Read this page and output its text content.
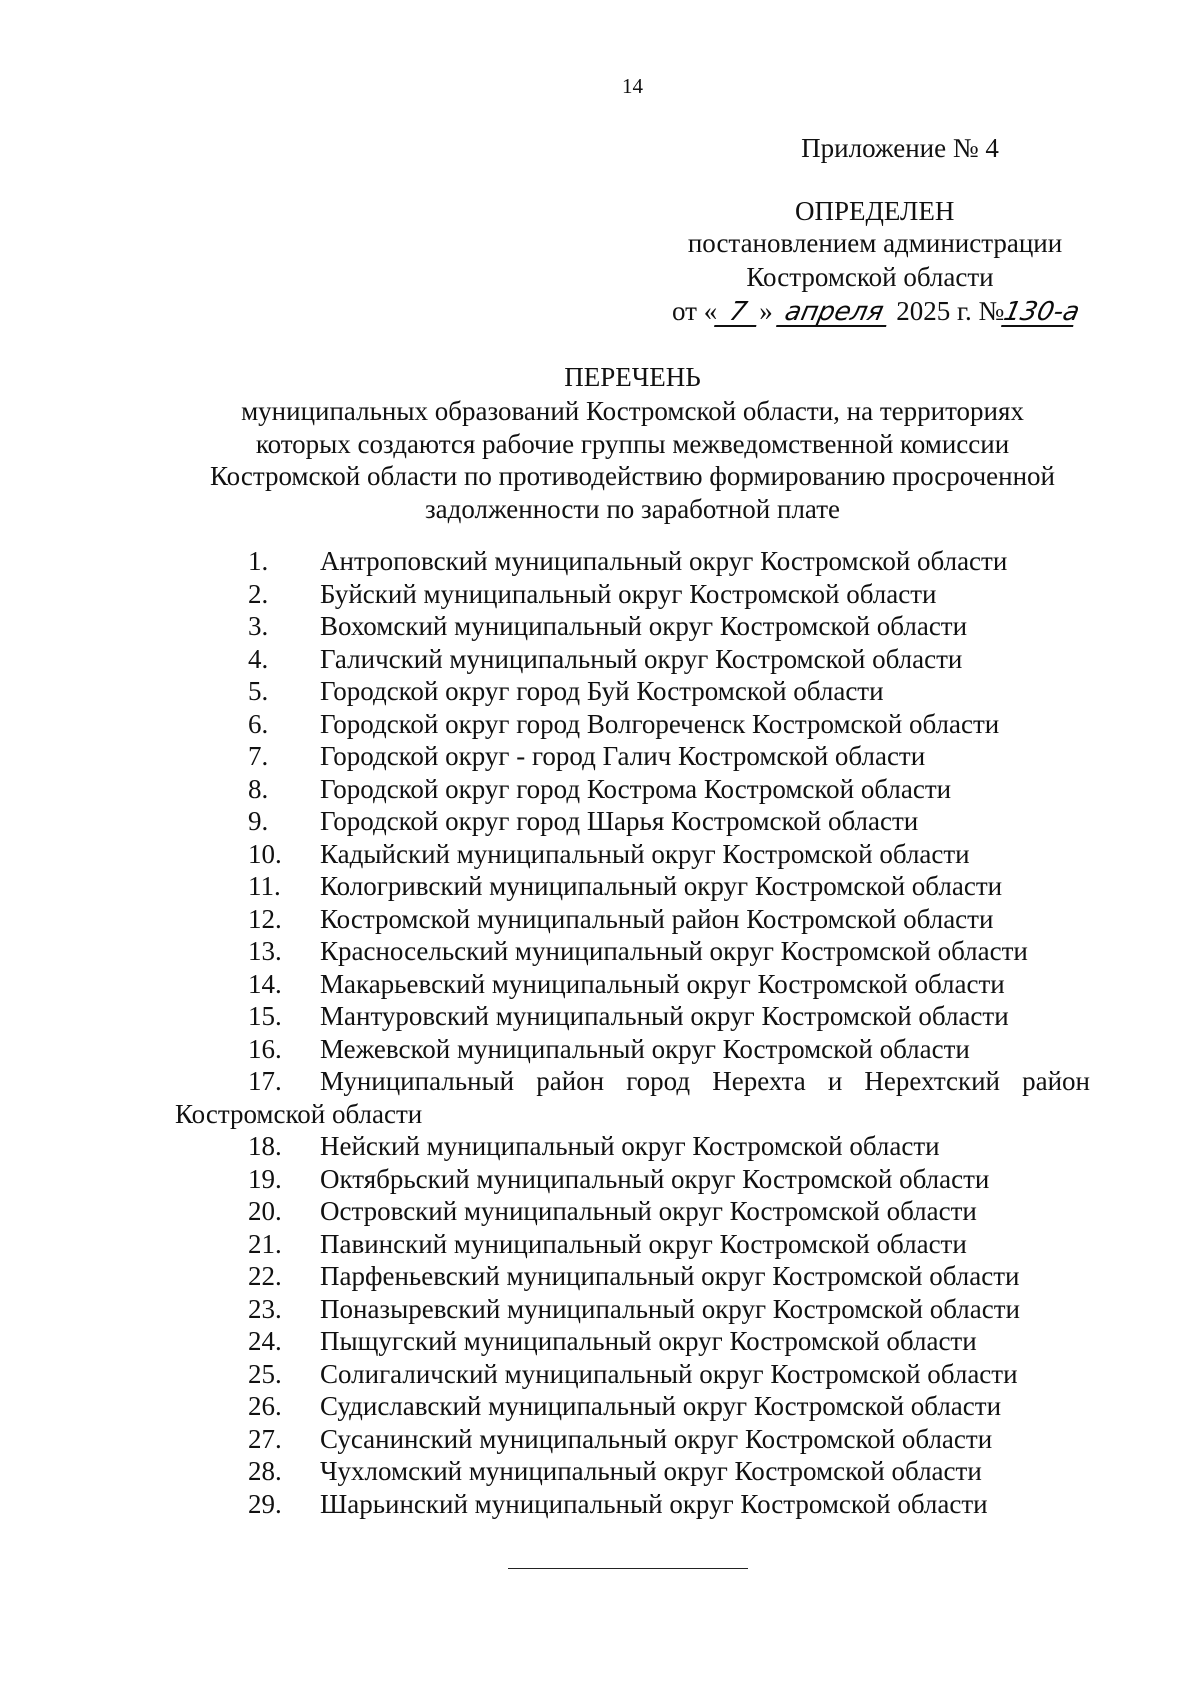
14
Приложение № 4
ОПРЕДЕЛЕН
постановлением администрации
Костромской области
от « 7 » апреля 2025 г. №130-а
ПЕРЕЧЕНЬ
муниципальных образований Костромской области, на территориях
которых создаются рабочие группы межведомственной комиссии
Костромской области по противодействию формированию просроченной
задолженности по заработной плате
1. Антроповский муниципальный округ Костромской области
2. Буйский муниципальный округ Костромской области
3. Вохомский муниципальный округ Костромской области
4. Галичский муниципальный округ Костромской области
5. Городской округ город Буй Костромской области
6. Городской округ город Волгореченск Костромской области
7. Городской округ - город Галич Костромской области
8. Городской округ город Кострома Костромской области
9. Городской округ город Шарья Костромской области
10. Кадыйский муниципальный округ Костромской области
11. Кологривский муниципальный округ Костромской области
12. Костромской муниципальный район Костромской области
13. Красносельский муниципальный округ Костромской области
14. Макарьевский муниципальный округ Костромской области
15. Мантуровский муниципальный округ Костромской области
16. Межевской муниципальный округ Костромской области
17. Муниципальный район город Нерехта и Нерехтский район
Костромской области
18. Нейский муниципальный округ Костромской области
19. Октябрьский муниципальный округ Костромской области
20. Островский муниципальный округ Костромской области
21. Павинский муниципальный округ Костромской области
22. Парфеньевский муниципальный округ Костромской области
23. Поназыревский муниципальный округ Костромской области
24. Пыщугский муниципальный округ Костромской области
25. Солигаличский муниципальный округ Костромской области
26. Судиславский муниципальный округ Костромской области
27. Сусанинский муниципальный округ Костромской области
28. Чухломский муниципальный округ Костромской области
29. Шарьинский муниципальный округ Костромской области
